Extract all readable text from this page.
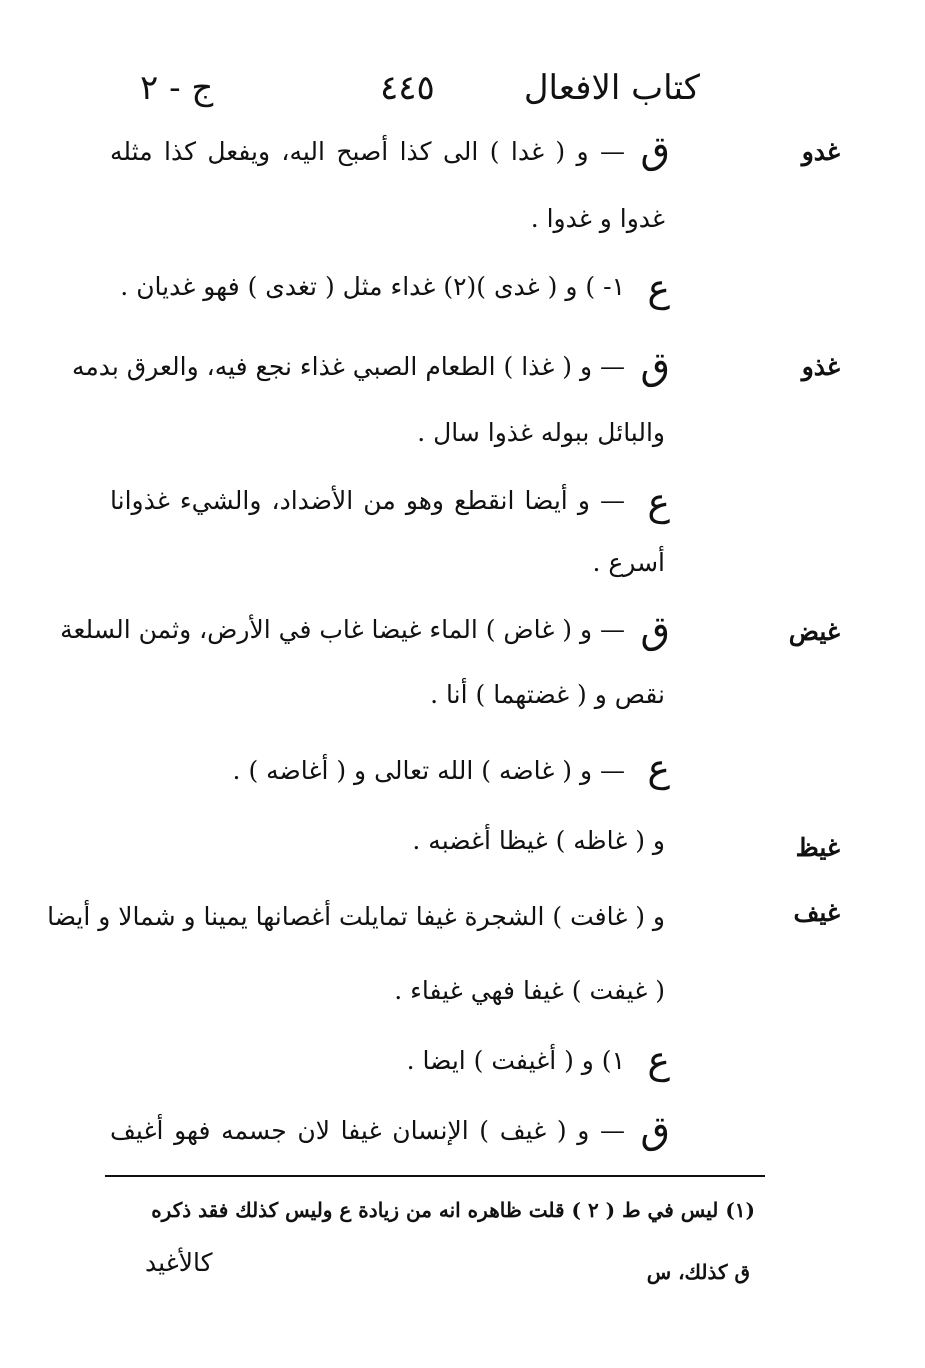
كتاب الافعال
٤٤٥
ج - ٢
غدو
ق
— و ( غدا ) الى كذا أصبح اليه، ويفعل كذا مثله
غدوا و غدوا .
ع
١- ) و ( غدى )(٢) غداء مثل ( تغدى ) فهو غديان .
غذو
ق
— و ( غذا ) الطعام الصبي غذاء نجع فيه، والعرق بدمه
والبائل ببوله غذوا سال .
ع
— و أيضا انقطع وهو من الأضداد، والشيء غذوانا
أسرع .
غيض
ق
— و ( غاض ) الماء غيضا غاب في الأرض، وثمن السلعة
نقص و ( غضتهما ) أنا .
ع
— و ( غاضه ) الله تعالى و ( أغاضه ) .
غيظ
و ( غاظه ) غيظا أغضبه .
غيف
و ( غافت ) الشجرة غيفا تمايلت أغصانها يمينا و شمالا و أيضا
( غيفت ) غيفا فهي غيفاء .
ع
١) و ( أغيفت ) ايضا .
ق
— و ( غيف ) الإنسان غيفا لان جسمه فهو أغيف
(١) ليس في ط ( ٢ ) قلت ظاهره انه من زيادة ع وليس كذلك فقد ذكره
ق كذلك، س
كالأغيد
